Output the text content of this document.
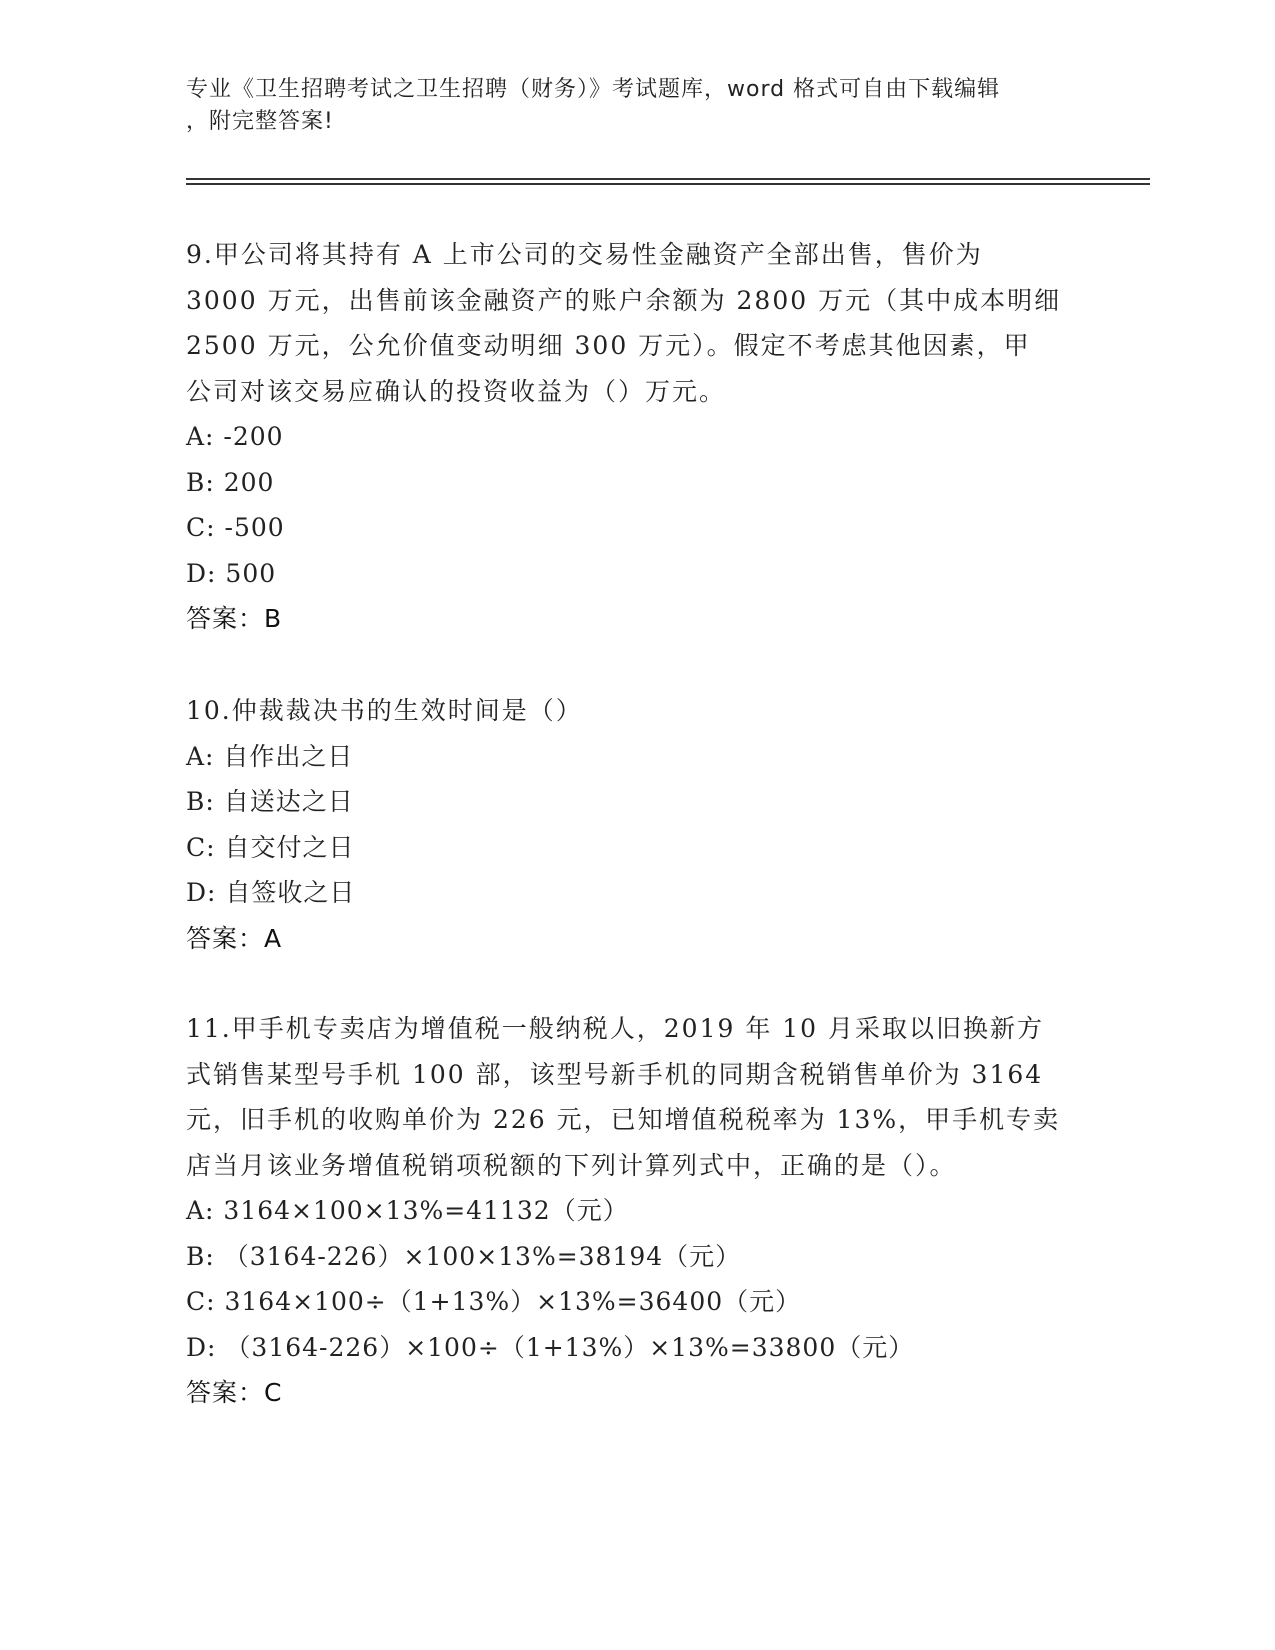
专业《卫生招聘考试之卫生招聘（财务）》考试题库，word 格式可自由下载编辑
，附完整答案!

9.甲公司将其持有 A 上市公司的交易性金融资产全部出售，售价为

3000 万元，出售前该金融资产的账户余额为 2800 万元（其中成本明细

2500 万元，公允价值变动明细 300 万元）。假定不考虑其他因素，甲

公司对该交易应确认的投资收益为（）万元。

A: -200

B: 200

C: -500

D: 500

答案：B

10.仲裁裁决书的生效时间是（）

A: 自作出之日

B: 自送达之日

C: 自交付之日

D: 自签收之日

答案：A

11.甲手机专卖店为增值税一般纳税人，2019 年 10 月采取以旧换新方

式销售某型号手机 100 部，该型号新手机的同期含税销售单价为 3164

元，旧手机的收购单价为 226 元，已知增值税税率为 13%，甲手机专卖

店当月该业务增值税销项税额的下列计算列式中，正确的是（）。

A: 3164×100×13%=41132（元）

B: （3164-226）×100×13%=38194（元）

C: 3164×100÷（1+13%）×13%=36400（元）

D: （3164-226）×100÷（1+13%）×13%=33800（元）

答案：C
